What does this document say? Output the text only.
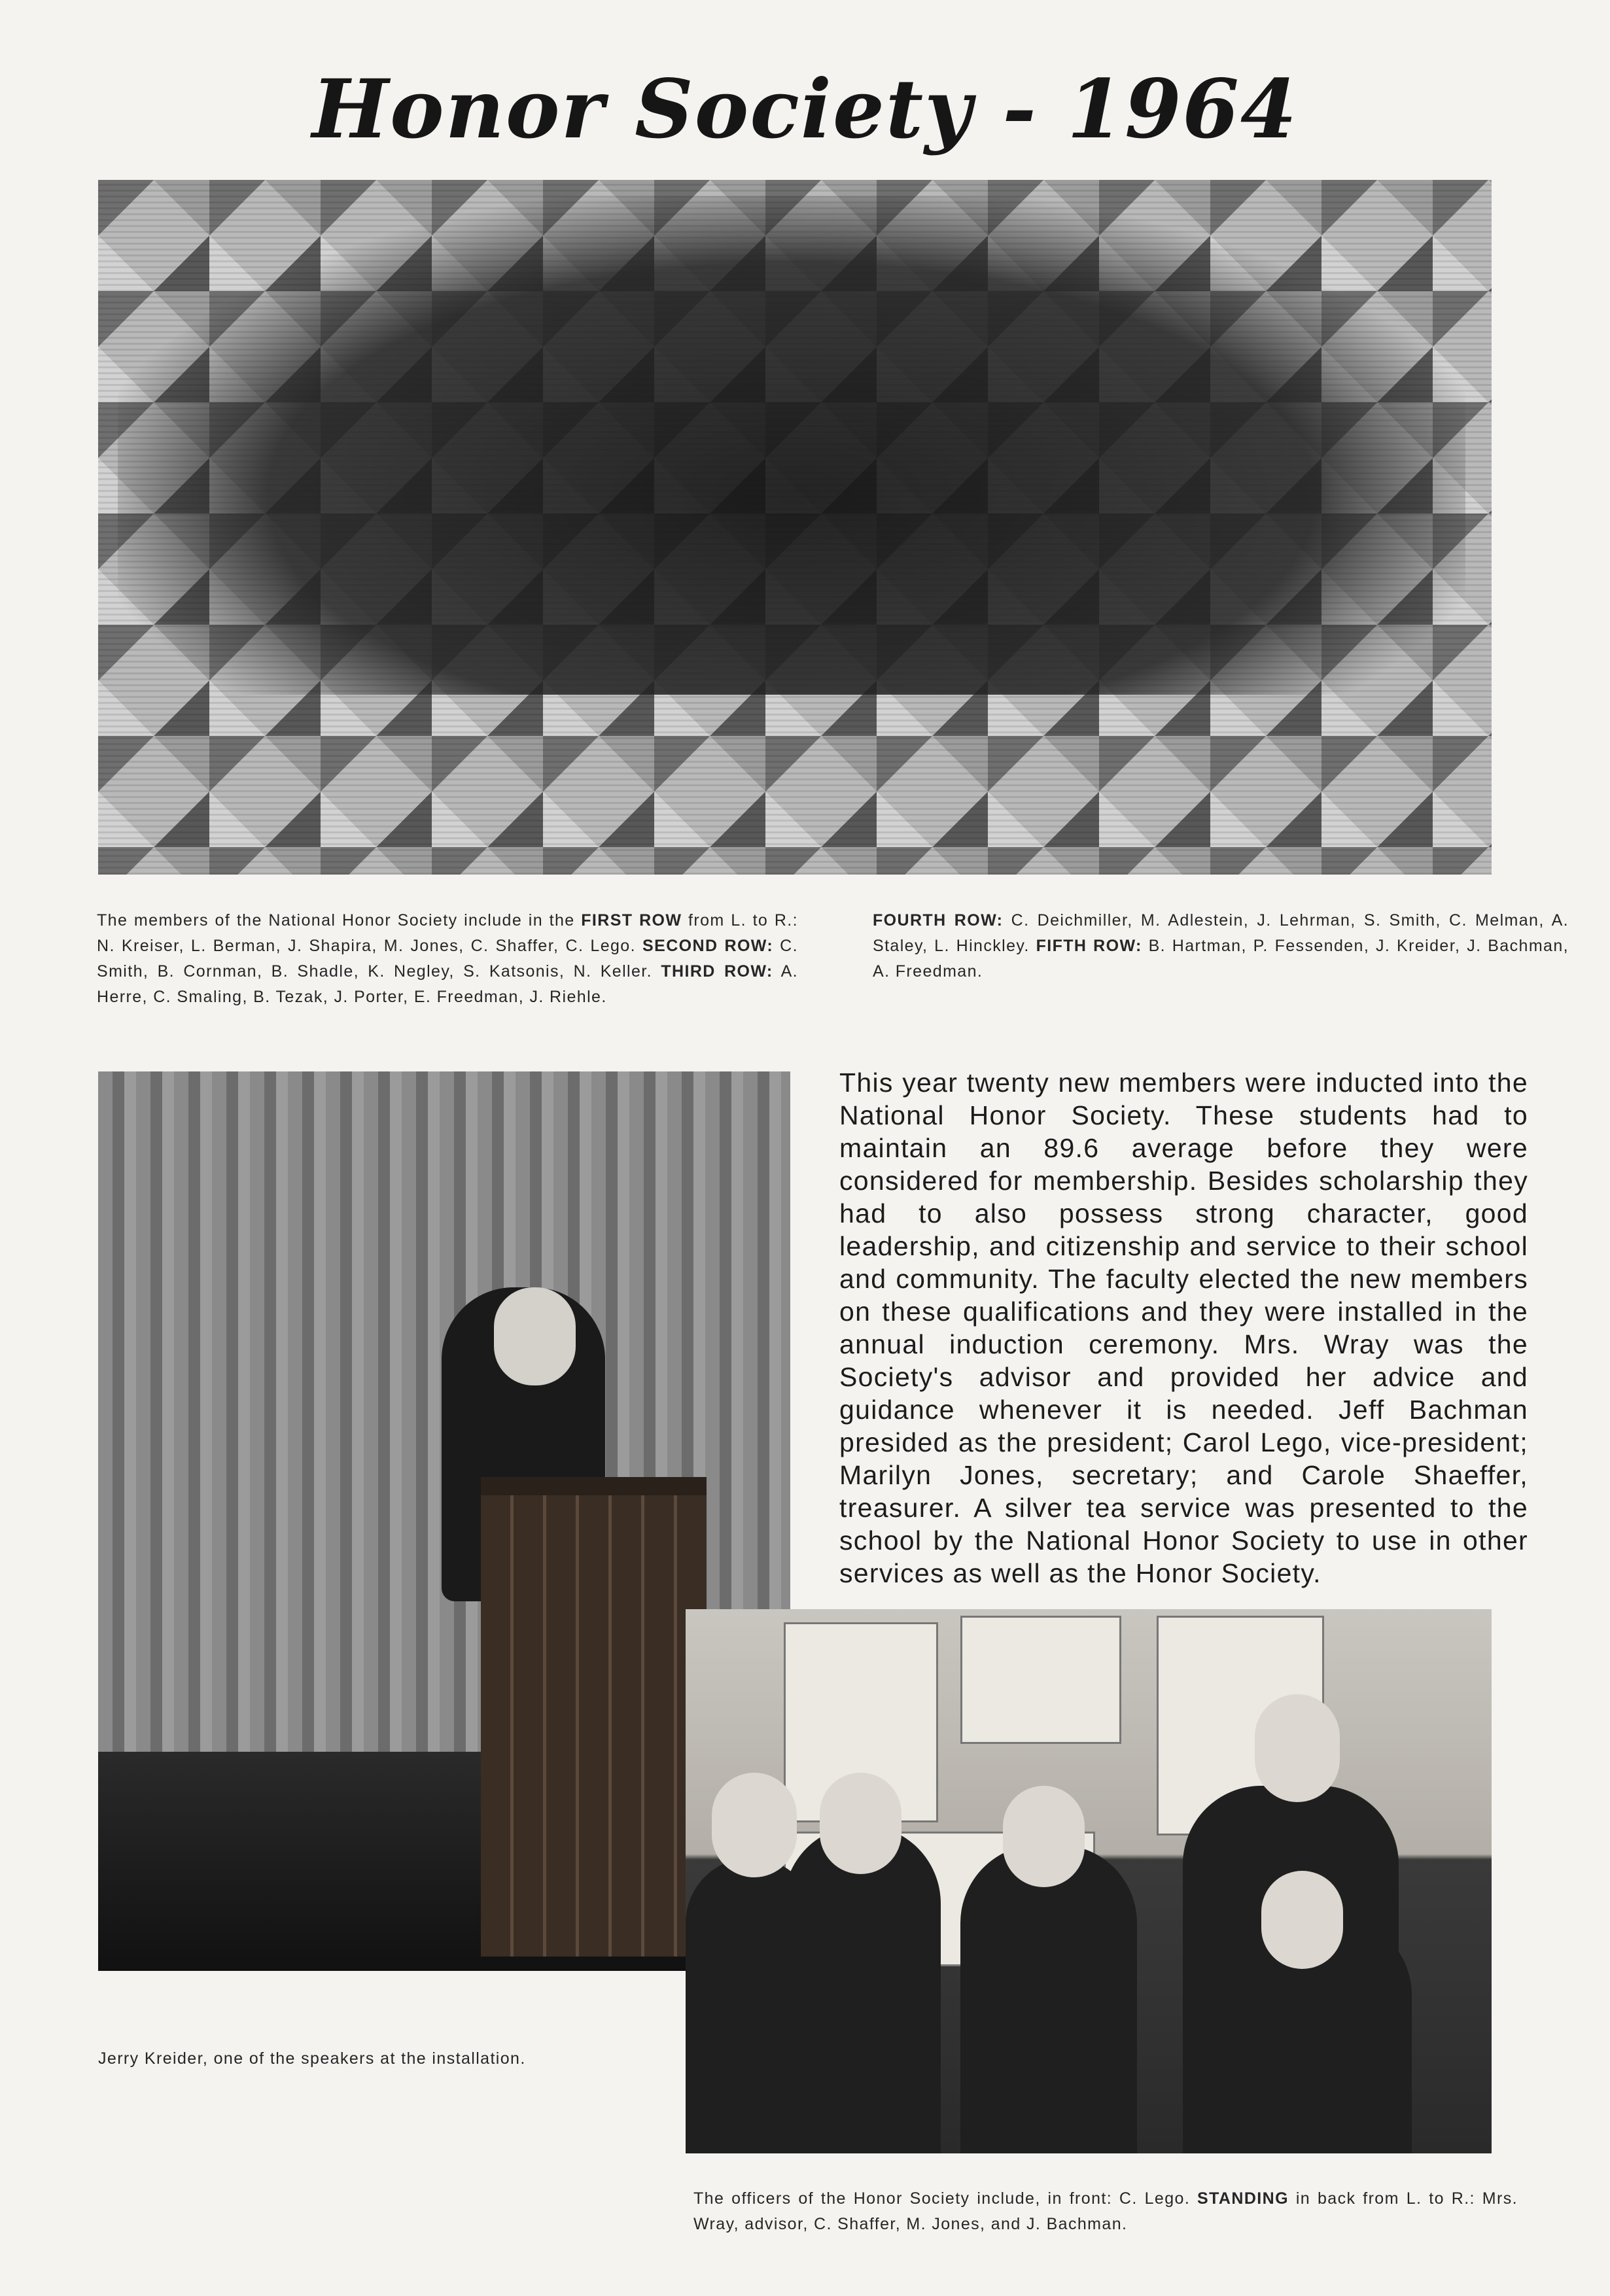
Honor Society - 1964
The members of the National Honor Society include in the FIRST ROW from L. to R.: N. Kreiser, L. Berman, J. Shapira, M. Jones, C. Shaffer, C. Lego. SECOND ROW: C. Smith, B. Cornman, B. Shadle, K. Negley, S. Katsonis, N. Keller. THIRD ROW: A. Herre, C. Smaling, B. Tezak, J. Porter, E. Freedman, J. Riehle.
FOURTH ROW: C. Deichmiller, M. Adlestein, J. Lehrman, S. Smith, C. Melman, A. Staley, L. Hinckley. FIFTH ROW: B. Hartman, P. Fessenden, J. Kreider, J. Bachman, A. Freedman.
This year twenty new members were inducted into the National Honor Society. These students had to maintain an 89.6 average before they were considered for membership. Besides scholarship they had to also possess strong character, good leadership, and citizenship and service to their school and community. The faculty elected the new members on these qualifications and they were installed in the annual induction ceremony. Mrs. Wray was the Society's advisor and provided her advice and guidance whenever it is needed. Jeff Bachman presided as the president; Carol Lego, vice-president; Marilyn Jones, secretary; and Carole Shaeffer, treasurer. A silver tea service was presented to the school by the National Honor Society to use in other services as well as the Honor Society.
Jerry Kreider, one of the speakers at the installation.
The officers of the Honor Society include, in front: C. Lego. STANDING in back from L. to R.: Mrs. Wray, advisor, C. Shaffer, M. Jones, and J. Bachman.
